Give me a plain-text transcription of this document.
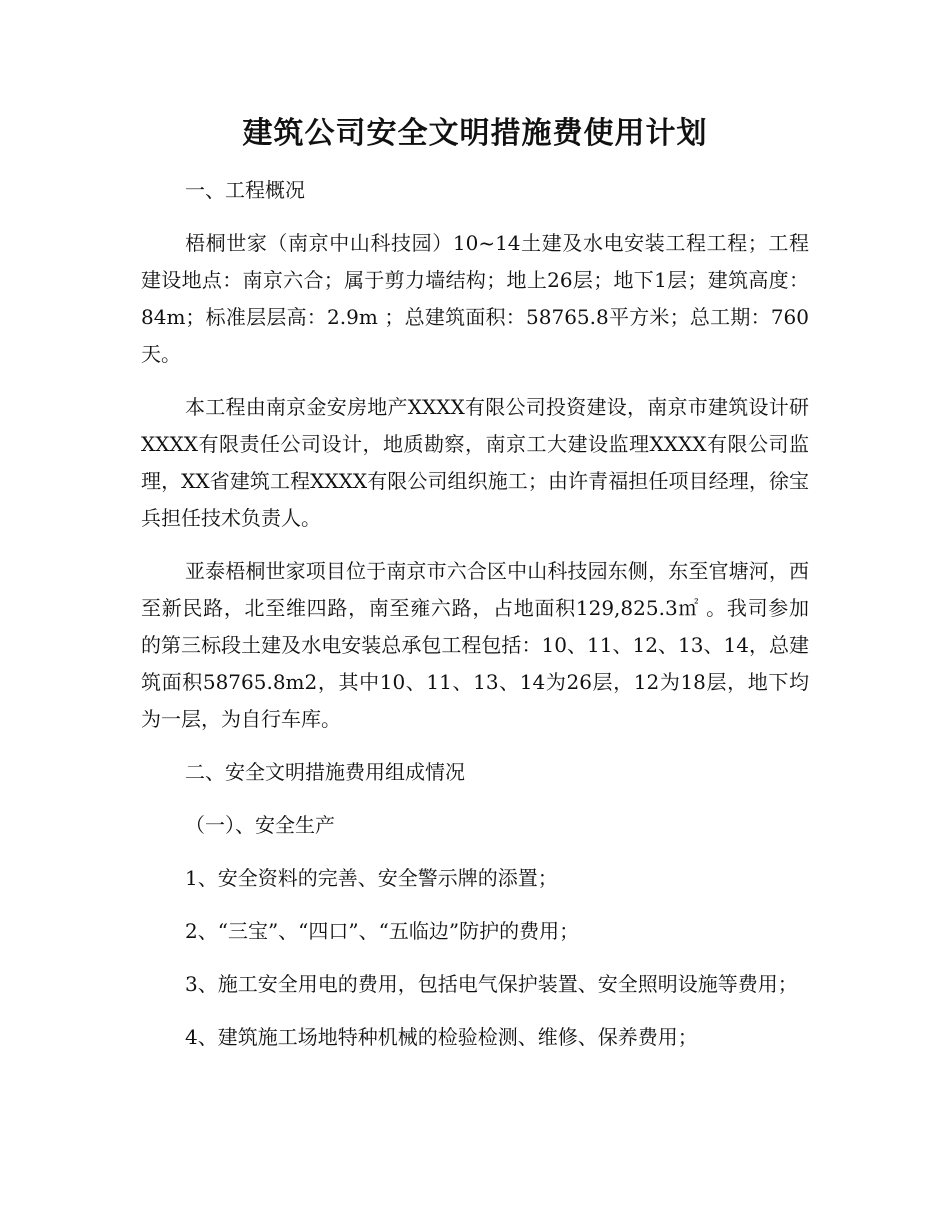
建筑公司安全文明措施费使用计划

一、工程概况

梧桐世家（南京中山科技园）10~14土建及水电安装工程工程；工程建设地点：南京六合；属于剪力墙结构；地上26层；地下1层；建筑高度：84m；标准层层高：2.9m ；总建筑面积：58765.8平方米；总工期：760天。

本工程由南京金安房地产XXXX有限公司投资建设，南京市建筑设计研XXXX有限责任公司设计，地质勘察，南京工大建设监理XXXX有限公司监理，XX省建筑工程XXXX有限公司组织施工；由许青福担任项目经理，徐宝兵担任技术负责人。

亚泰梧桐世家项目位于南京市六合区中山科技园东侧，东至官塘河，西至新民路，北至维四路，南至雍六路，占地面积129,825.3㎡ 。我司参加的第三标段土建及水电安装总承包工程包括：10、11、12、13、14，总建筑面积58765.8m2，其中10、11、13、14为26层，12为18层，地下均为一层，为自行车库。

二、安全文明措施费用组成情况

（一）、安全生产

1、安全资料的完善、安全警示牌的添置；

2、“三宝”、“四口”、“五临边”防护的费用；

3、施工安全用电的费用，包括电气保护装置、安全照明设施等费用；

4、建筑施工场地特种机械的检验检测、维修、保养费用；
